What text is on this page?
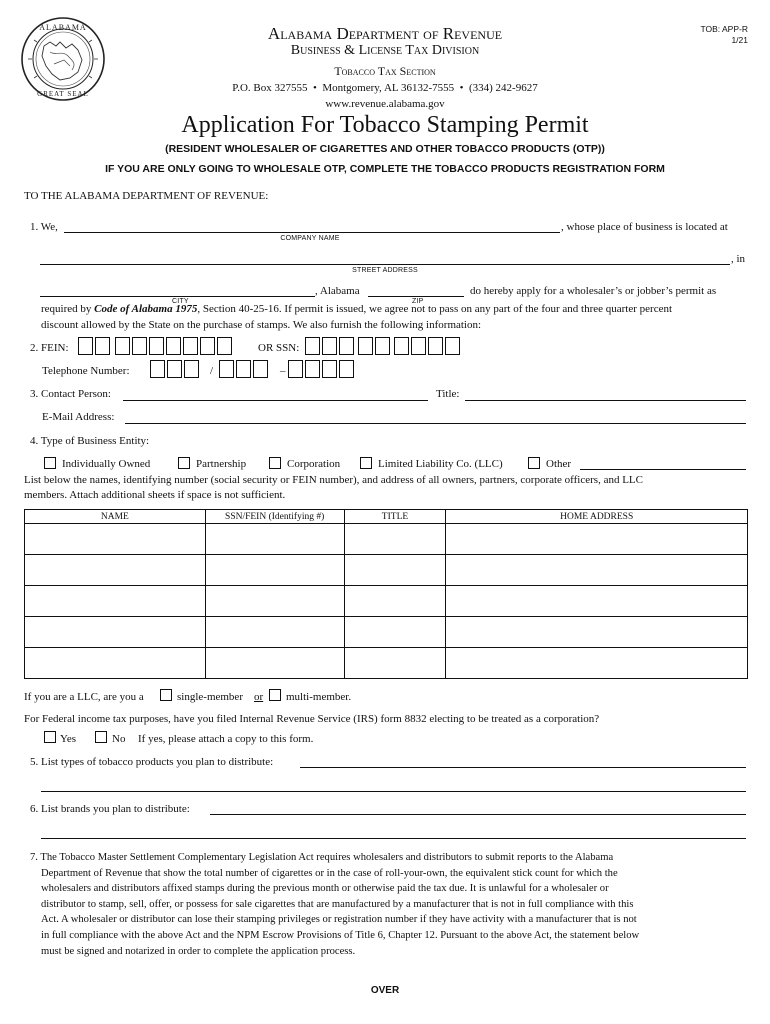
ALABAMA
GREAT SEAL
Alabama Department of Revenue
Business & License Tax Division
Tobacco Tax Section
P.O. Box 327555  •  Montgomery, AL 36132-7555  •  (334) 242-9627
www.revenue.alabama.gov
TOB: APP-R
1/21
Application For Tobacco Stamping Permit
(RESIDENT WHOLESALER OF CIGARETTES AND OTHER TOBACCO PRODUCTS (OTP))
IF YOU ARE ONLY GOING TO WHOLESALE OTP, COMPLETE THE TOBACCO PRODUCTS REGISTRATION FORM
TO THE ALABAMA DEPARTMENT OF REVENUE:
1. We,	, whose place of business is located at
COMPANY NAME
, in
STREET ADDRESS
, Alabama	do hereby apply for a wholesaler’s or jobber’s permit as
CITY	ZIP
required by Code of Alabama 1975, Section 40-25-16. If permit is issued, we agree not to pass on any part of the four and three quarter percent
discount allowed by the State on the purchase of stamps. We also furnish the following information:
2. FEIN:	OR SSN:
Telephone Number:	/	–
3. Contact Person:	Title:
E-Mail Address:
4. Type of Business Entity:
Individually Owned	Partnership	Corporation	Limited Liability Co. (LLC)	Other
List below the names, identifying number (social security or FEIN number), and address of all owners, partners, corporate officers, and LLC
members. Attach additional sheets if space is not sufficient.
NAME	SSN/FEIN (Identifying #)	TITLE	HOME ADDRESS

If you are a LLC, are you a	single-member or multi-member.
For Federal income tax purposes, have you filed Internal Revenue Service (IRS) form 8832 electing to be treated as a corporation?
Yes	No If yes, please attach a copy to this form.
5. List types of tobacco products you plan to distribute:
6. List brands you plan to distribute:
7. The Tobacco Master Settlement Complementary Legislation Act requires wholesalers and distributors to submit reports to the Alabama
Department of Revenue that show the total number of cigarettes or in the case of roll-your-own, the equivalent stick count for which the
wholesalers and distributors affixed stamps during the previous month or otherwise paid the tax due. It is unlawful for a wholesaler or
distributor to stamp, sell, offer, or possess for sale cigarettes that are manufactured by a manufacturer that is not in full compliance with this
Act. A wholesaler or distributor can lose their stamping privileges or registration number if they have activity with a manufacturer that is not
in full compliance with the above Act and the NPM Escrow Provisions of Title 6, Chapter 12. Pursuant to the above Act, the statement below
must be signed and notarized in order to complete the application process.
OVER
